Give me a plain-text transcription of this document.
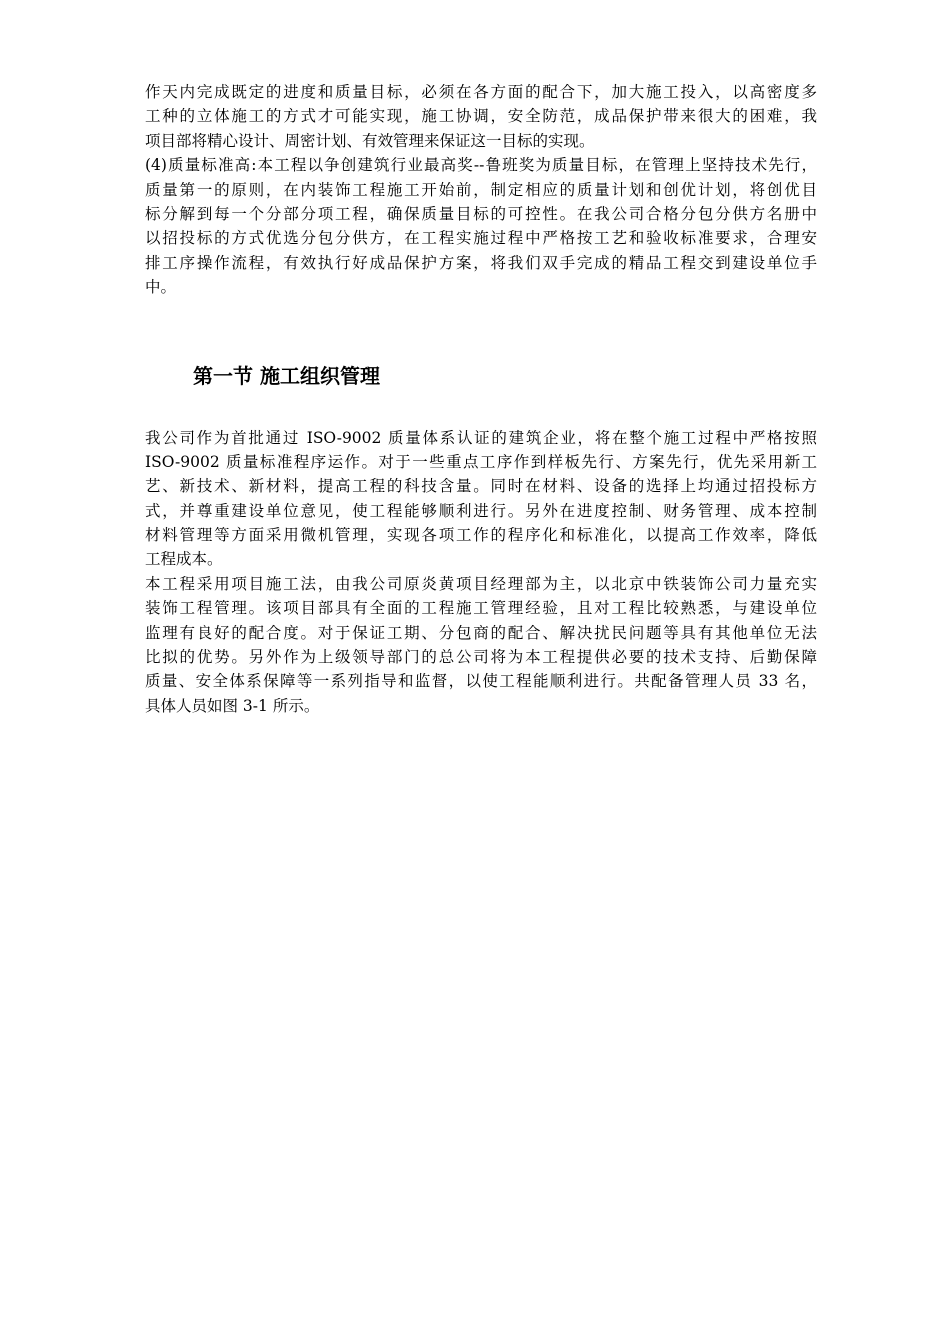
作天内完成既定的进度和质量目标，必须在各方面的配合下，加大施工投入，以高密度多
工种的立体施工的方式才可能实现，施工协调，安全防范，成品保护带来很大的困难，我
项目部将精心设计、周密计划、有效管理来保证这一目标的实现。
(4)质量标准高:本工程以争创建筑行业最高奖--鲁班奖为质量目标，在管理上坚持技术先行，
质量第一的原则，在内装饰工程施工开始前，制定相应的质量计划和创优计划，将创优目
标分解到每一个分部分项工程，确保质量目标的可控性。在我公司合格分包分供方名册中
以招投标的方式优选分包分供方，在工程实施过程中严格按工艺和验收标准要求，合理安
排工序操作流程，有效执行好成品保护方案，将我们双手完成的精品工程交到建设单位手
中。
第一节 施工组织管理
我公司作为首批通过 ISO-9002 质量体系认证的建筑企业，将在整个施工过程中严格按照
ISO-9002 质量标准程序运作。对于一些重点工序作到样板先行、方案先行，优先采用新工
艺、新技术、新材料，提高工程的科技含量。同时在材料、设备的选择上均通过招投标方
式，并尊重建设单位意见，使工程能够顺利进行。另外在进度控制、财务管理、成本控制
材料管理等方面采用微机管理，实现各项工作的程序化和标准化，以提高工作效率，降低
工程成本。
本工程采用项目施工法，由我公司原炎黄项目经理部为主，以北京中铁装饰公司力量充实
装饰工程管理。该项目部具有全面的工程施工管理经验，且对工程比较熟悉，与建设单位
监理有良好的配合度。对于保证工期、分包商的配合、解决扰民问题等具有其他单位无法
比拟的优势。另外作为上级领导部门的总公司将为本工程提供必要的技术支持、后勤保障
质量、安全体系保障等一系列指导和监督，以使工程能顺利进行。共配备管理人员 33 名，
具体人员如图 3-1 所示。
